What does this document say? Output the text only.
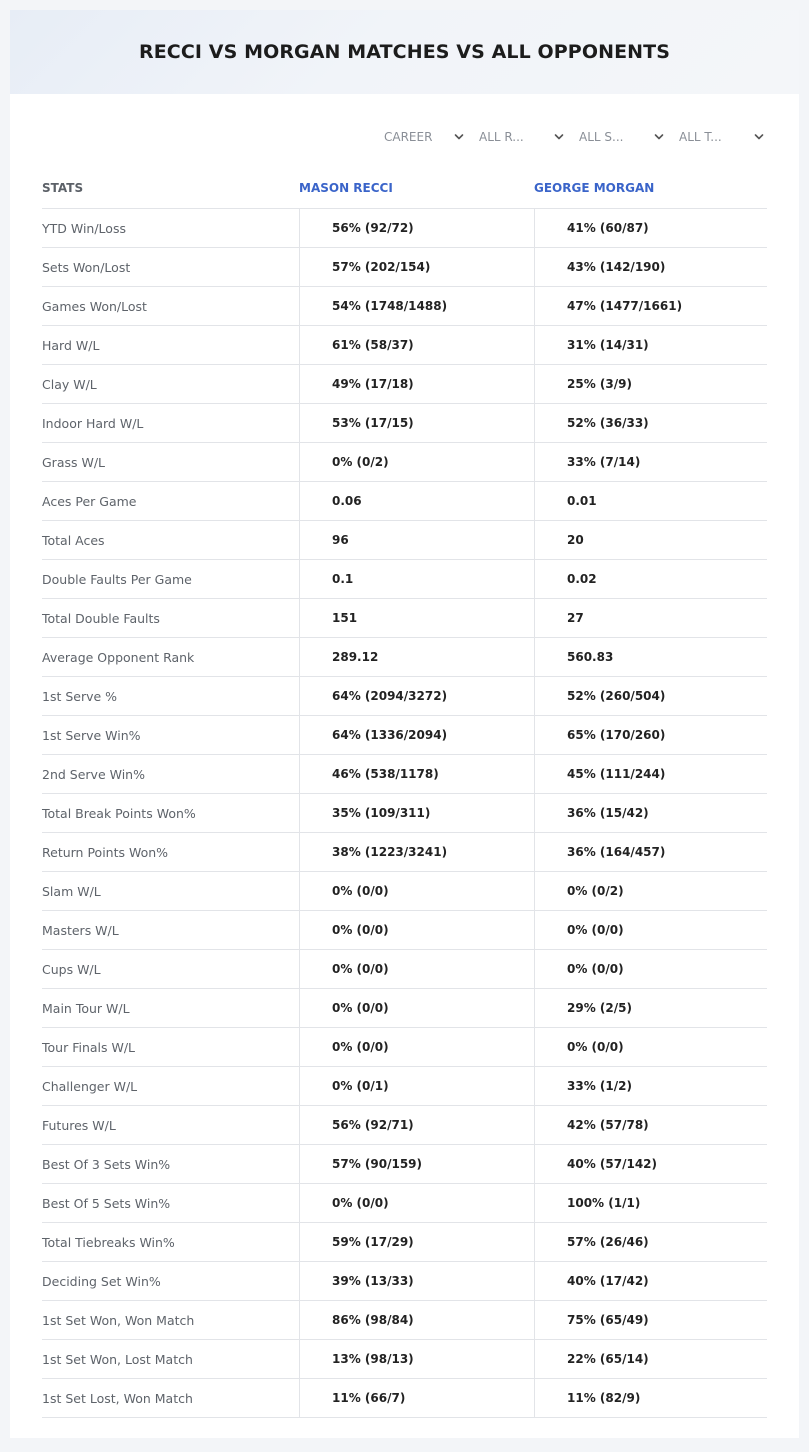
RECCI VS MORGAN MATCHES VS ALL OPPONENTS
CAREER	ALL R...	ALL S...	ALL T...
STATS	MASON RECCI	GEORGE MORGAN
YTD Win/Loss	56% (92/72)	41% (60/87)
Sets Won/Lost	57% (202/154)	43% (142/190)
Games Won/Lost	54% (1748/1488)	47% (1477/1661)
Hard W/L	61% (58/37)	31% (14/31)
Clay W/L	49% (17/18)	25% (3/9)
Indoor Hard W/L	53% (17/15)	52% (36/33)
Grass W/L	0% (0/2)	33% (7/14)
Aces Per Game	0.06	0.01
Total Aces	96	20
Double Faults Per Game	0.1	0.02
Total Double Faults	151	27
Average Opponent Rank	289.12	560.83
1st Serve %	64% (2094/3272)	52% (260/504)
1st Serve Win%	64% (1336/2094)	65% (170/260)
2nd Serve Win%	46% (538/1178)	45% (111/244)
Total Break Points Won%	35% (109/311)	36% (15/42)
Return Points Won%	38% (1223/3241)	36% (164/457)
Slam W/L	0% (0/0)	0% (0/2)
Masters W/L	0% (0/0)	0% (0/0)
Cups W/L	0% (0/0)	0% (0/0)
Main Tour W/L	0% (0/0)	29% (2/5)
Tour Finals W/L	0% (0/0)	0% (0/0)
Challenger W/L	0% (0/1)	33% (1/2)
Futures W/L	56% (92/71)	42% (57/78)
Best Of 3 Sets Win%	57% (90/159)	40% (57/142)
Best Of 5 Sets Win%	0% (0/0)	100% (1/1)
Total Tiebreaks Win%	59% (17/29)	57% (26/46)
Deciding Set Win%	39% (13/33)	40% (17/42)
1st Set Won, Won Match	86% (98/84)	75% (65/49)
1st Set Won, Lost Match	13% (98/13)	22% (65/14)
1st Set Lost, Won Match	11% (66/7)	11% (82/9)
